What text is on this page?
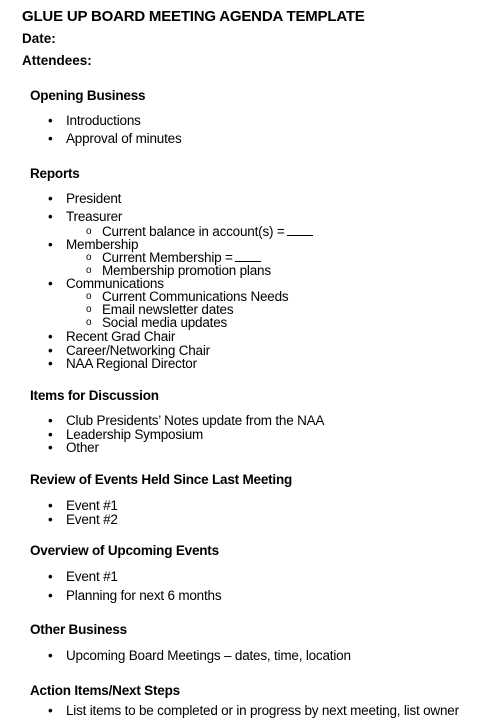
GLUE UP BOARD MEETING AGENDA TEMPLATE
Date:
Attendees:
Opening Business
• Introductions
• Approval of minutes
Reports
• President
• Treasurer
o Current balance in account(s) =
• Membership
o Current Membership =
o Membership promotion plans
• Communications
o Current Communications Needs
o Email newsletter dates
o Social media updates
• Recent Grad Chair
• Career/Networking Chair
• NAA Regional Director
Items for Discussion
• Club Presidents’ Notes update from the NAA
• Leadership Symposium
• Other
Review of Events Held Since Last Meeting
• Event #1
• Event #2
Overview of Upcoming Events
• Event #1
• Planning for next 6 months
Other Business
• Upcoming Board Meetings – dates, time, location
Action Items/Next Steps
• List items to be completed or in progress by next meeting, list owner
